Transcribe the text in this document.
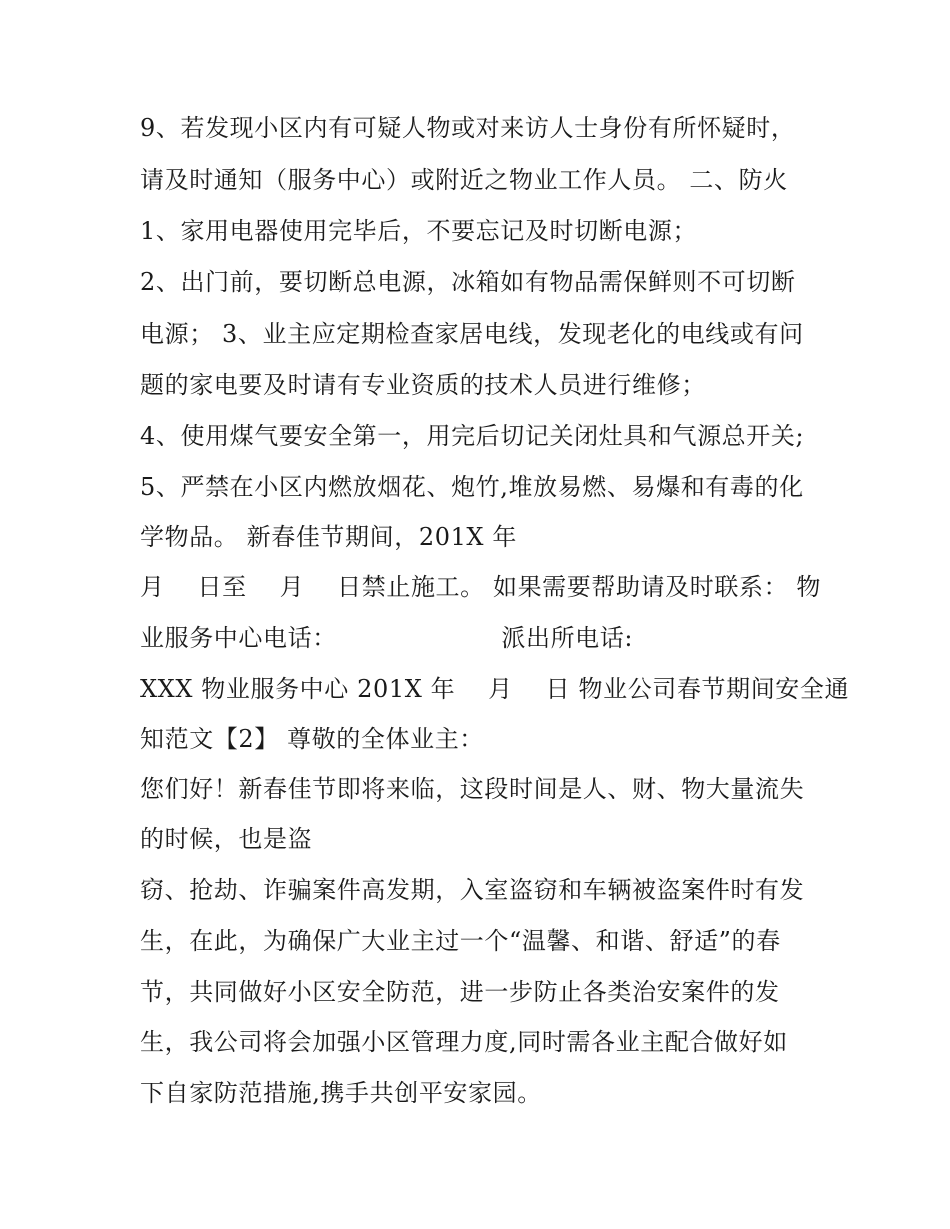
9、若发现小区内有可疑人物或对来访人士身份有所怀疑时，
请及时通知（服务中心）或附近之物业工作人员。 二、防火
1、家用电器使用完毕后，不要忘记及时切断电源；
2、出门前，要切断总电源，冰箱如有物品需保鲜则不可切断
电源； 3、业主应定期检查家居电线，发现老化的电线或有问
题的家电要及时请有专业资质的技术人员进行维修；
4、使用煤气要安全第一，用完后切记关闭灶具和气源总开关;
5、严禁在小区内燃放烟花、炮竹,堆放易燃、易爆和有毒的化
学物品。 新春佳节期间，201X 年
月    日至    月    日禁止施工。 如果需要帮助请及时联系： 物
业服务中心电话：                    派出所电话:
XXX 物业服务中心 201X 年    月    日 物业公司春节期间安全通
知范文【2】 尊敬的全体业主：
您们好！新春佳节即将来临，这段时间是人、财、物大量流失
的时候，也是盗
窃、抢劫、诈骗案件高发期，入室盗窃和车辆被盗案件时有发
生，在此，为确保广大业主过一个“温馨、和谐、舒适”的春
节，共同做好小区安全防范，进一步防止各类治安案件的发
生，我公司将会加强小区管理力度,同时需各业主配合做好如
下自家防范措施,携手共创平安家园。
